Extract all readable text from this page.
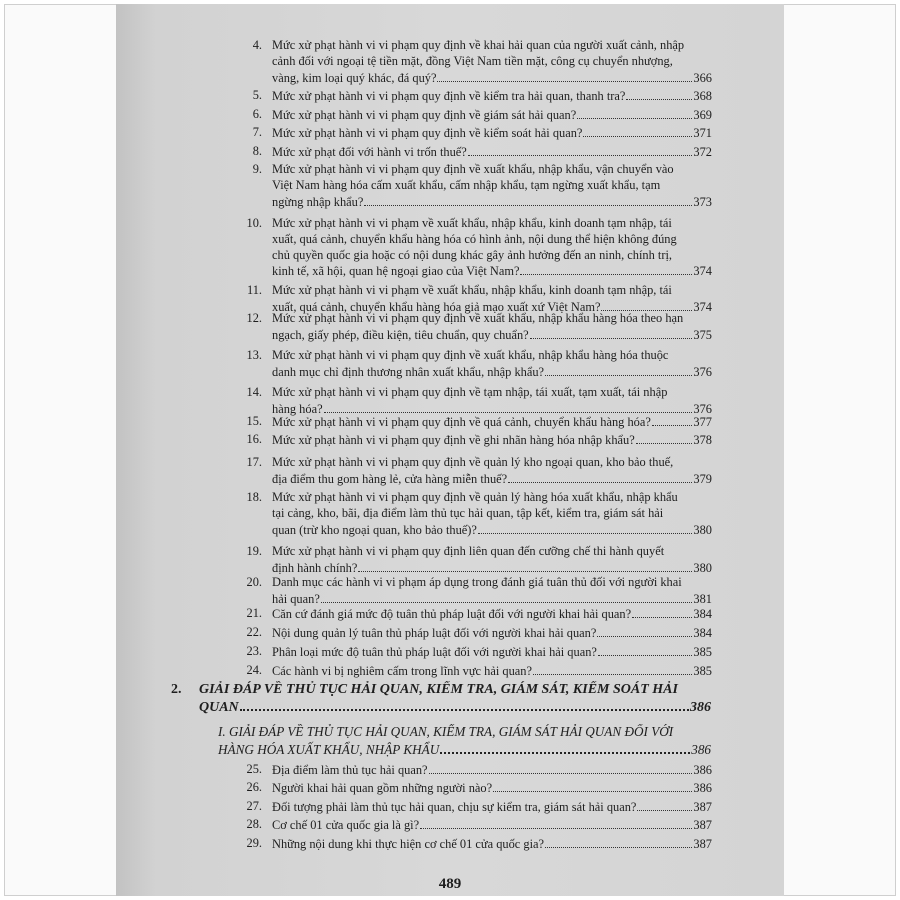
4. Mức xử phạt hành vi vi phạm quy định về khai hải quan của người xuất cảnh, nhập
cảnh đối với ngoại tệ tiền mặt, đồng Việt Nam tiền mặt, công cụ chuyển nhượng,
vàng, kim loại quý khác, đá quý?	366
5. Mức xử phạt hành vi vi phạm quy định về kiểm tra hải quan, thanh tra?	368
6. Mức xử phạt hành vi vi phạm quy định về giám sát hải quan?	369
7. Mức xử phạt hành vi vi phạm quy định về kiểm soát hải quan?	371
8. Mức xử phạt đối với hành vi trốn thuế?	372
9. Mức xử phạt hành vi vi phạm quy định về xuất khẩu, nhập khẩu, vận chuyển vào
Việt Nam hàng hóa cấm xuất khẩu, cấm nhập khẩu, tạm ngừng xuất khẩu, tạm
ngừng nhập khẩu?	373
10. Mức xử phạt hành vi vi phạm về xuất khẩu, nhập khẩu, kinh doanh tạm nhập, tái
xuất, quá cảnh, chuyển khẩu hàng hóa có hình ảnh, nội dung thể hiện không đúng
chủ quyền quốc gia hoặc có nội dung khác gây ảnh hưởng đến an ninh, chính trị,
kinh tế, xã hội, quan hệ ngoại giao của Việt Nam?	374
11. Mức xử phạt hành vi vi phạm về xuất khẩu, nhập khẩu, kinh doanh tạm nhập, tái
xuất, quá cảnh, chuyển khẩu hàng hóa giả mạo xuất xứ Việt Nam?	374
12. Mức xử phạt hành vi vi phạm quy định về xuất khẩu, nhập khẩu hàng hóa theo hạn
ngạch, giấy phép, điều kiện, tiêu chuẩn, quy chuẩn?	375
13. Mức xử phạt hành vi vi phạm quy định về xuất khẩu, nhập khẩu hàng hóa thuộc
danh mục chỉ định thương nhân xuất khẩu, nhập khẩu?	376
14. Mức xử phạt hành vi vi phạm quy định về tạm nhập, tái xuất, tạm xuất, tái nhập
hàng hóa?	376
15. Mức xử phạt hành vi vi phạm quy định về quá cảnh, chuyển khẩu hàng hóa?	377
16. Mức xử phạt hành vi vi phạm quy định về ghi nhãn hàng hóa nhập khẩu?	378
17. Mức xử phạt hành vi vi phạm quy định về quản lý kho ngoại quan, kho bảo thuế,
địa điểm thu gom hàng lẻ, cửa hàng miễn thuế?	379
18. Mức xử phạt hành vi vi phạm quy định về quản lý hàng hóa xuất khẩu, nhập khẩu
tại cảng, kho, bãi, địa điểm làm thủ tục hải quan, tập kết, kiểm tra, giám sát hải
quan (trừ kho ngoại quan, kho bảo thuế)?	380
19. Mức xử phạt hành vi vi phạm quy định liên quan đến cưỡng chế thi hành quyết
định hành chính?	380
20. Danh mục các hành vi vi phạm áp dụng trong đánh giá tuân thủ đối với người khai
hải quan?	381
21. Căn cứ đánh giá mức độ tuân thủ pháp luật đối với người khai hải quan?	384
22. Nội dung quản lý tuân thủ pháp luật đối với người khai hải quan?	384
23. Phân loại mức độ tuân thủ pháp luật đối với người khai hải quan?	385
24. Các hành vi bị nghiêm cấm trong lĩnh vực hải quan?	385
2.	GIẢI ĐÁP VỀ THỦ TỤC HẢI QUAN, KIỂM TRA, GIÁM SÁT, KIỂM SOÁT HẢI
QUAN	386
I. GIẢI ĐÁP VỀ THỦ TỤC HẢI QUAN, KIỂM TRA, GIÁM SÁT HẢI QUAN ĐỐI VỚI
HÀNG HÓA XUẤT KHẨU, NHẬP KHẨU	386
25. Địa điểm làm thủ tục hải quan?	386
26. Người khai hải quan gồm những người nào?	386
27. Đối tượng phải làm thủ tục hải quan, chịu sự kiểm tra, giám sát hải quan?	387
28. Cơ chế 01 cửa quốc gia là gì?	387
29. Những nội dung khi thực hiện cơ chế 01 cửa quốc gia?	387
489
